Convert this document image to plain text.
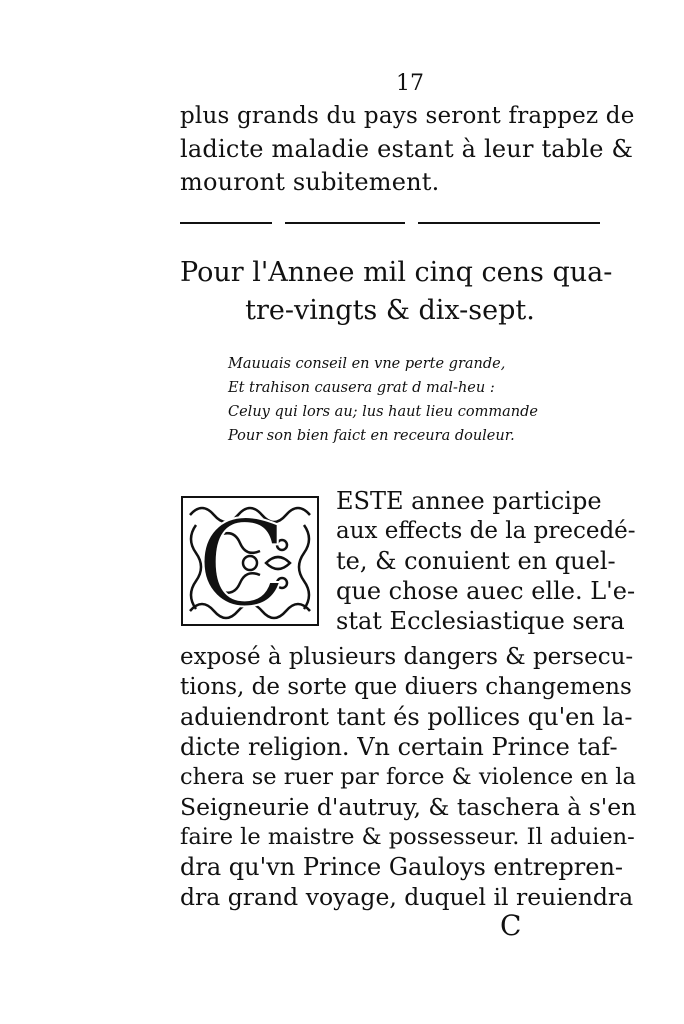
17
plus grands du pays seront frappez de
ladicte maladie estant à leur table &
mouront subitement.
Pour l'Annee mil cinq cens qua-
tre-vingts & dix-sept.
Mauuais conseil en vne perte grande,
Et trahison causera grat d mal-heu :
Celuy qui lors au; lus haut lieu commande
Pour son bien faict en receura douleur.
C ESTE annee participe
aux effects de la precedé-
te, & conuient en quel-
que chose auec elle. L'e-
stat Ecclesiastique sera
exposé à plusieurs dangers & persecu-
tions, de sorte que diuers changemens
aduiendront tant és pollices qu'en la-
dicte religion. Vn certain Prince taf-
chera se ruer par force & violence en la
Seigneurie d'autruy, & taschera à s'en
faire le maistre & possesseur. Il aduien-
dra qu'vn Prince Gauloys entrepren-
dra grand voyage, duquel il reuiendra
C
